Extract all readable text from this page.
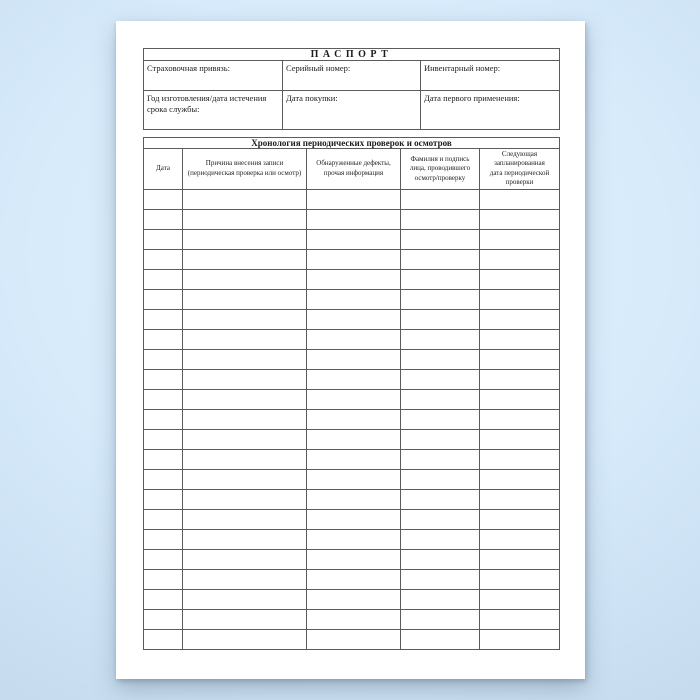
ПАСПОРТ		
Страховочная привязь:	Серийный номер:	Инвентарный номер:
Год изготовления/дата истечения срока службы:	Дата покупки:	Дата первого применения:
Хронология периодических проверок и осмотров				
Дата	Причина внесения записи (периодическая проверка или осмотр)	Обнаруженные дефекты, прочая информация	Фамилия и подпись лица, проводившего осмотр/проверку	Следующая запланированная дата периодической проверки
